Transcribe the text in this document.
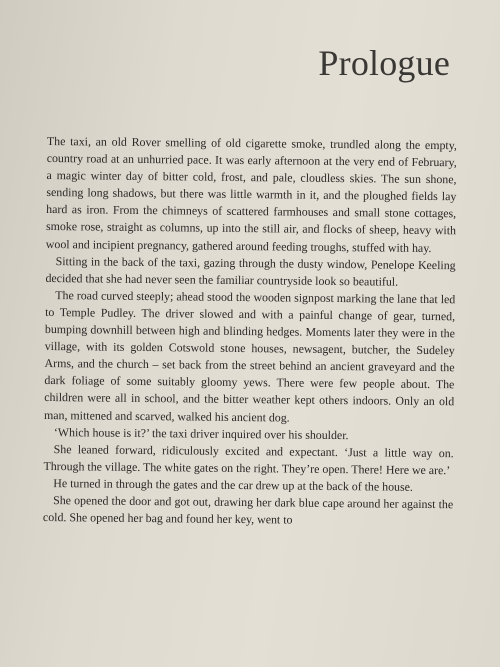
Prologue

The taxi, an old Rover smelling of old cigarette smoke, trundled along the empty, country road at an unhurried pace. It was early afternoon at the very end of February, a magic winter day of bitter cold, frost, and pale, cloudless skies. The sun shone, sending long shadows, but there was little warmth in it, and the ploughed fields lay hard as iron. From the chimneys of scattered farmhouses and small stone cottages, smoke rose, straight as columns, up into the still air, and flocks of sheep, heavy with wool and incipient pregnancy, gathered around feeding troughs, stuffed with hay.

Sitting in the back of the taxi, gazing through the dusty window, Penelope Keeling decided that she had never seen the familiar countryside look so beautiful.

The road curved steeply; ahead stood the wooden signpost marking the lane that led to Temple Pudley. The driver slowed and with a painful change of gear, turned, bumping downhill between high and blinding hedges. Moments later they were in the village, with its golden Cotswold stone houses, newsagent, butcher, the Sudeley Arms, and the church – set back from the street behind an ancient graveyard and the dark foliage of some suitably gloomy yews. There were few people about. The children were all in school, and the bitter weather kept others indoors. Only an old man, mittened and scarved, walked his ancient dog.

‘Which house is it?’ the taxi driver inquired over his shoulder.

She leaned forward, ridiculously excited and expectant. ‘Just a little way on. Through the village. The white gates on the right. They’re open. There! Here we are.’

He turned in through the gates and the car drew up at the back of the house.

She opened the door and got out, drawing her dark blue cape around her against the cold. She opened her bag and found her key, went to
